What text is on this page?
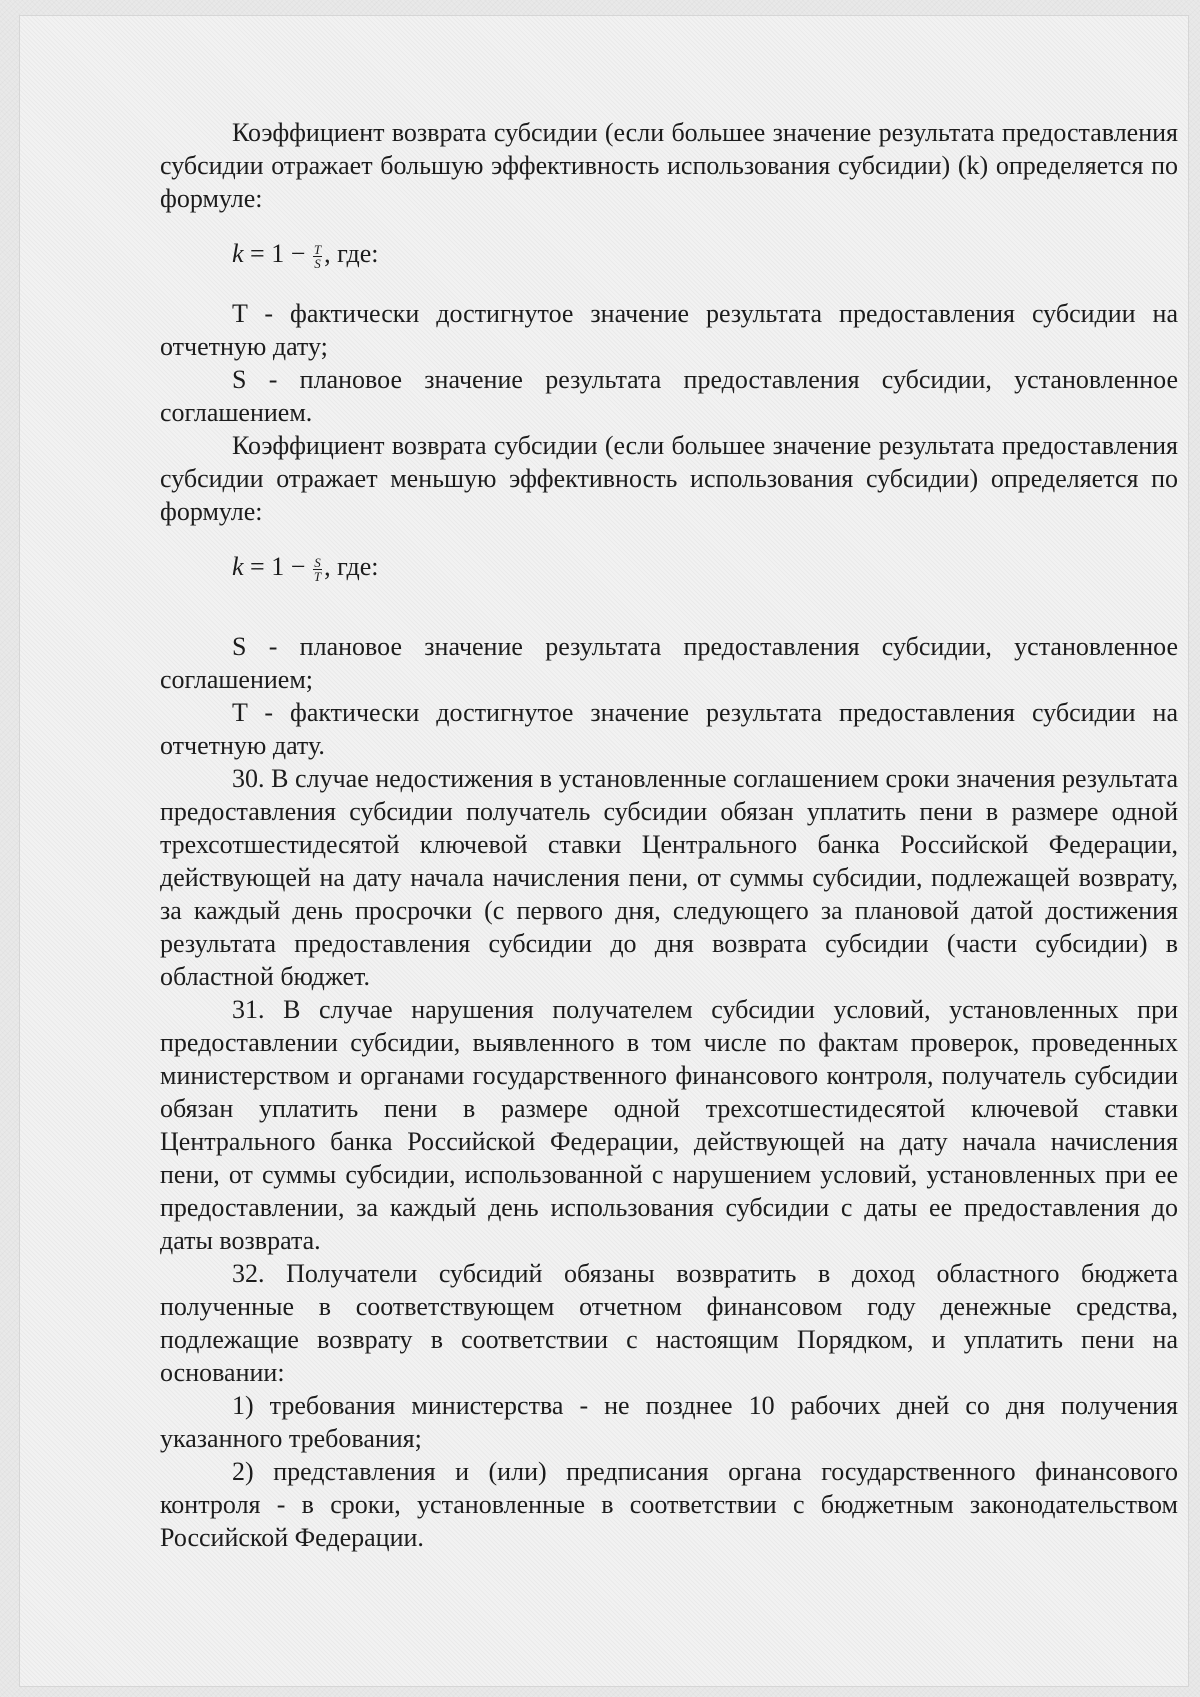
Коэффициент возврата субсидии (если большее значение результата предоставления субсидии отражает большую эффективность использования субсидии) (k) определяется по формуле:

$k = 1 - \frac{T}{S}$ , где:

T - фактически достигнутое значение результата предоставления субсидии на отчетную дату;

S - плановое значение результата предоставления субсидии, установленное соглашением.

Коэффициент возврата субсидии (если большее значение результата предоставления субсидии отражает меньшую эффективность использования субсидии) определяется по формуле:

$k = 1 - \frac{S}{T}$ , где:

S - плановое значение результата предоставления субсидии, установленное соглашением;

T - фактически достигнутое значение результата предоставления субсидии на отчетную дату.

30. В случае недостижения в установленные соглашением сроки значения результата предоставления субсидии получатель субсидии обязан уплатить пени в размере одной трехсотшестидесятой ключевой ставки Центрального банка Российской Федерации, действующей на дату начала начисления пени, от суммы субсидии, подлежащей возврату, за каждый день просрочки (с первого дня, следующего за плановой датой достижения результата предоставления субсидии до дня возврата субсидии (части субсидии) в областной бюджет.

31. В случае нарушения получателем субсидии условий, установленных при предоставлении субсидии, выявленного в том числе по фактам проверок, проведенных министерством и органами государственного финансового контроля, получатель субсидии обязан уплатить пени в размере одной трехсотшестидесятой ключевой ставки Центрального банка Российской Федерации, действующей на дату начала начисления пени, от суммы субсидии, использованной с нарушением условий, установленных при ее предоставлении, за каждый день использования субсидии с даты ее предоставления до даты возврата.

32. Получатели субсидий обязаны возвратить в доход областного бюджета полученные в соответствующем отчетном финансовом году денежные средства, подлежащие возврату в соответствии с настоящим Порядком, и уплатить пени на основании:

1) требования министерства - не позднее 10 рабочих дней со дня получения указанного требования;

2) представления и (или) предписания органа государственного финансового контроля - в сроки, установленные в соответствии с бюджетным законодательством Российской Федерации.
